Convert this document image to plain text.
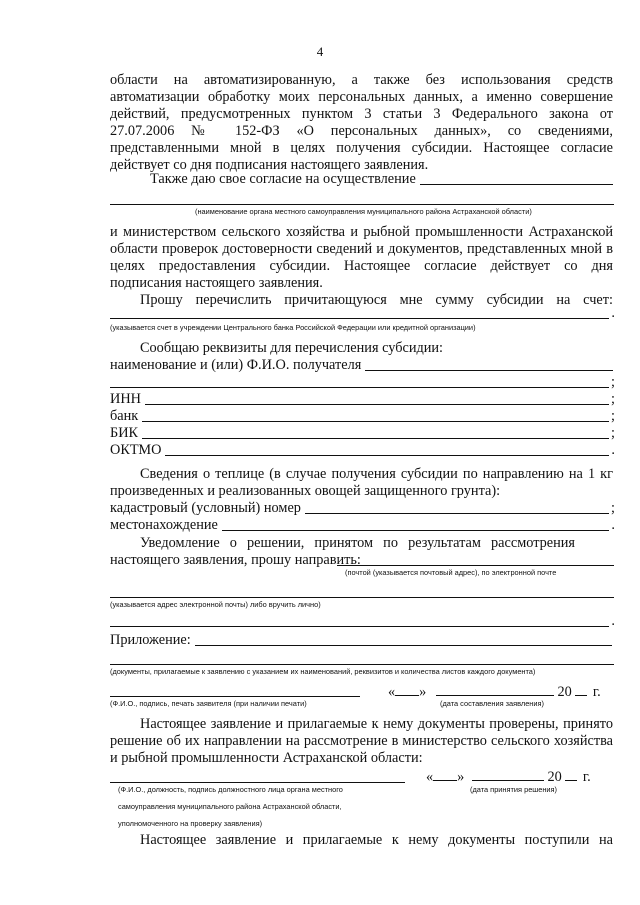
4

области на автоматизированную, а также без использования средств автоматизации обработку моих персональных данных, а именно совершение действий, предусмотренных пунктом 3 статьи 3 Федерального закона от 27.07.2006 № 152-ФЗ «О персональных данных», со сведениями, представленными мной в целях получения субсидии. Настоящее согласие действует со дня подписания настоящего заявления.

Также даю свое согласие на осуществление
(наименование органа местного самоуправления муниципального района Астраханской области)

и министерством сельского хозяйства и рыбной промышленности Астраханской области проверок достоверности сведений и документов, представленных мной в целях предоставления субсидии. Настоящее согласие действует со дня подписания настоящего заявления.

Прошу перечислить причитающуюся мне сумму субсидии на счет:

.
(указывается счет в учреждении Центрального банка Российской Федерации или кредитной организации)

Сообщаю реквизиты для перечисления субсидии:

наименование и (или) Ф.И.О. получателя
;
ИНН	;
банк	;
БИК	;
ОКТМО	.

Сведения о теплице (в случае получения субсидии по направлению на 1 кг произведенных и реализованных овощей защищенного грунта):

кадастровый (условный) номер	;
местонахождение	.

Уведомление о решении, принятом по результатам рассмотрения настоящего заявления, прошу направить:

(почтой (указывается почтовый адрес), по электронной почте
(указывается адрес электронной почты) либо вручить лично)
.
Приложение:
(документы, прилагаемые к заявлению с указанием их наименований, реквизитов и количества листов каждого документа)
(Ф.И.О., подпись, печать заявителя (при наличии печати)
« »	20 г.
(дата составления заявления)

Настоящее заявление и прилагаемые к нему документы проверены, принято решение об их направлении на рассмотрение в министерство сельского хозяйства и рыбной промышленности Астраханской области:

(Ф.И.О., должность, подпись должностного лица органа местного
самоуправления муниципального района Астраханской области,
уполномоченного на проверку заявления)
« »	20 г.
(дата принятия решения)

Настоящее заявление и прилагаемые к нему документы поступили на
